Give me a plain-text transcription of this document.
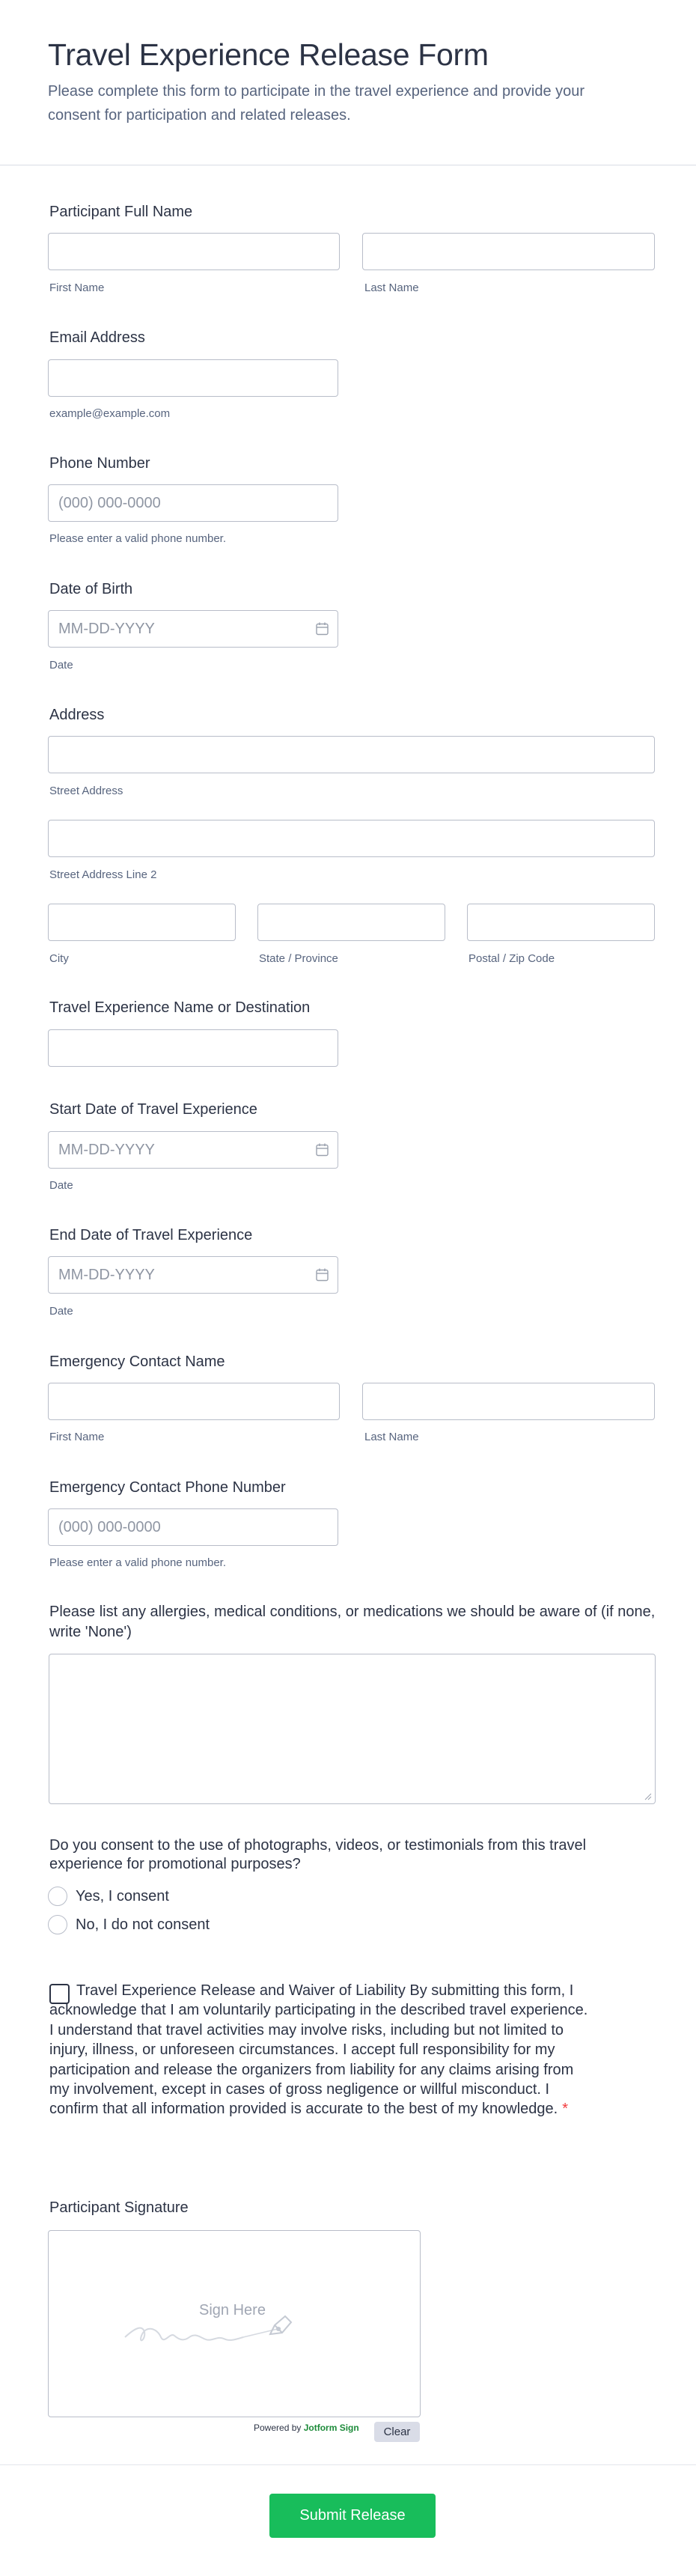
Travel Experience Release Form

Please complete this form to participate in the travel experience and provide your consent for participation and related releases.

Participant Full Name
First Name	Last Name
Email Address
example@example.com
Phone Number
(000) 000-0000
Please enter a valid phone number.
Date of Birth
MM-DD-YYYY
Date
Address
Street Address
Street Address Line 2
City	State / Province	Postal / Zip Code
Travel Experience Name or Destination
Start Date of Travel Experience
MM-DD-YYYY
Date
End Date of Travel Experience
MM-DD-YYYY
Date
Emergency Contact Name
First Name	Last Name
Emergency Contact Phone Number
(000) 000-0000
Please enter a valid phone number.
Please list any allergies, medical conditions, or medications we should be aware of (if none, write 'None')
Do you consent to the use of photographs, videos, or testimonials from this travel experience for promotional purposes?
Yes, I consent
No, I do not consent
Travel Experience Release and Waiver of Liability By submitting this form, I acknowledge that I am voluntarily participating in the described travel experience. I understand that travel activities may involve risks, including but not limited to injury, illness, or unforeseen circumstances. I accept full responsibility for my participation and release the organizers from liability for any claims arising from my involvement, except in cases of gross negligence or willful misconduct. I confirm that all information provided is accurate to the best of my knowledge. *
Participant Signature
Sign Here
Powered by Jotform Sign	Clear
Submit Release
